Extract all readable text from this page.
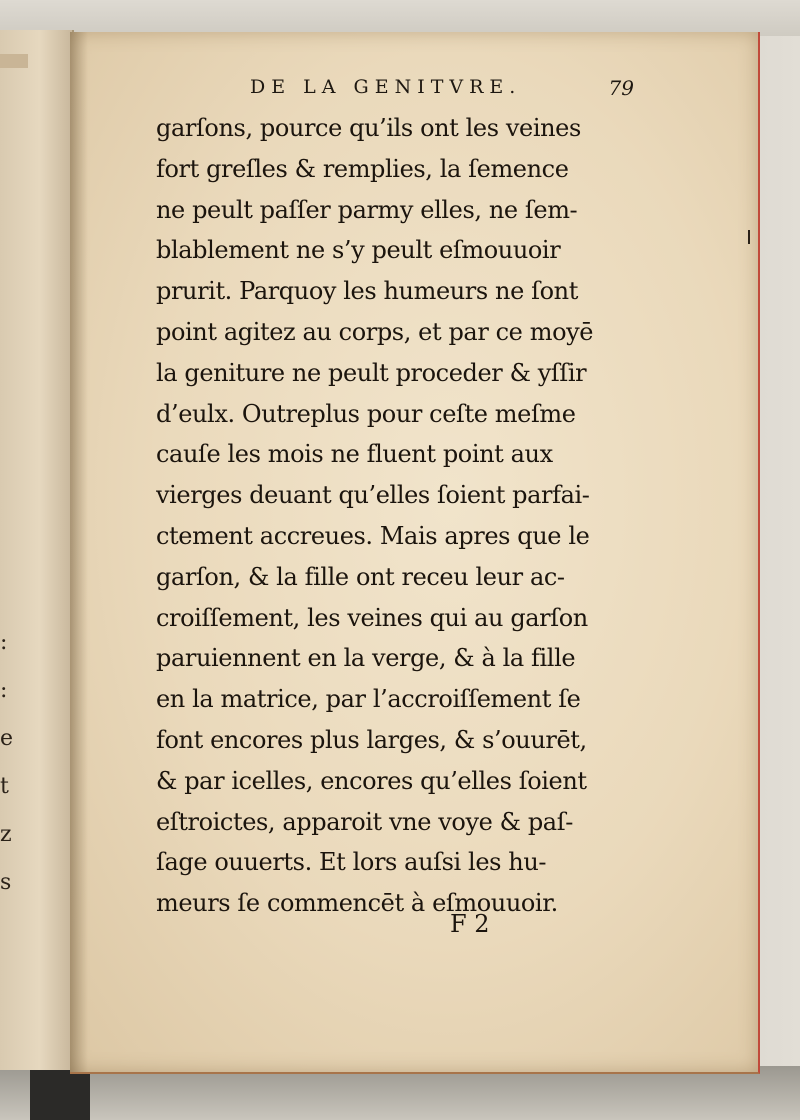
:
:
e
t
z
s
DE LA GENITVRE.	79
garſons, pource qu’ils ont les veines
fort greſles & remplies, la ſemence
ne peult paſſer parmy elles, ne ſem-
blablement ne s’y peult eſmouuoir
prurit. Parquoy les humeurs ne ſont
point agitez au corps, et par ce moyē
la geniture ne peult proceder & yſſir
d’eulx. Outreplus pour ceſte meſme
cauſe les mois ne fluent point aux
vierges deuant qu’elles ſoient parfai-
ctement accreues. Mais apres que le
garſon, & la fille ont receu leur ac-
croiſſement, les veines qui au garſon
paruiennent en la verge, & à la fille
en la matrice, par l’accroiſſement ſe
font encores plus larges, & s’ouurēt,
& par icelles, encores qu’elles ſoient
eſtroictes, apparoit vne voye & paſ-
ſage ouuerts. Et lors auſsi les hu-
meurs ſe commencēt à eſmouuoir.
F 2
